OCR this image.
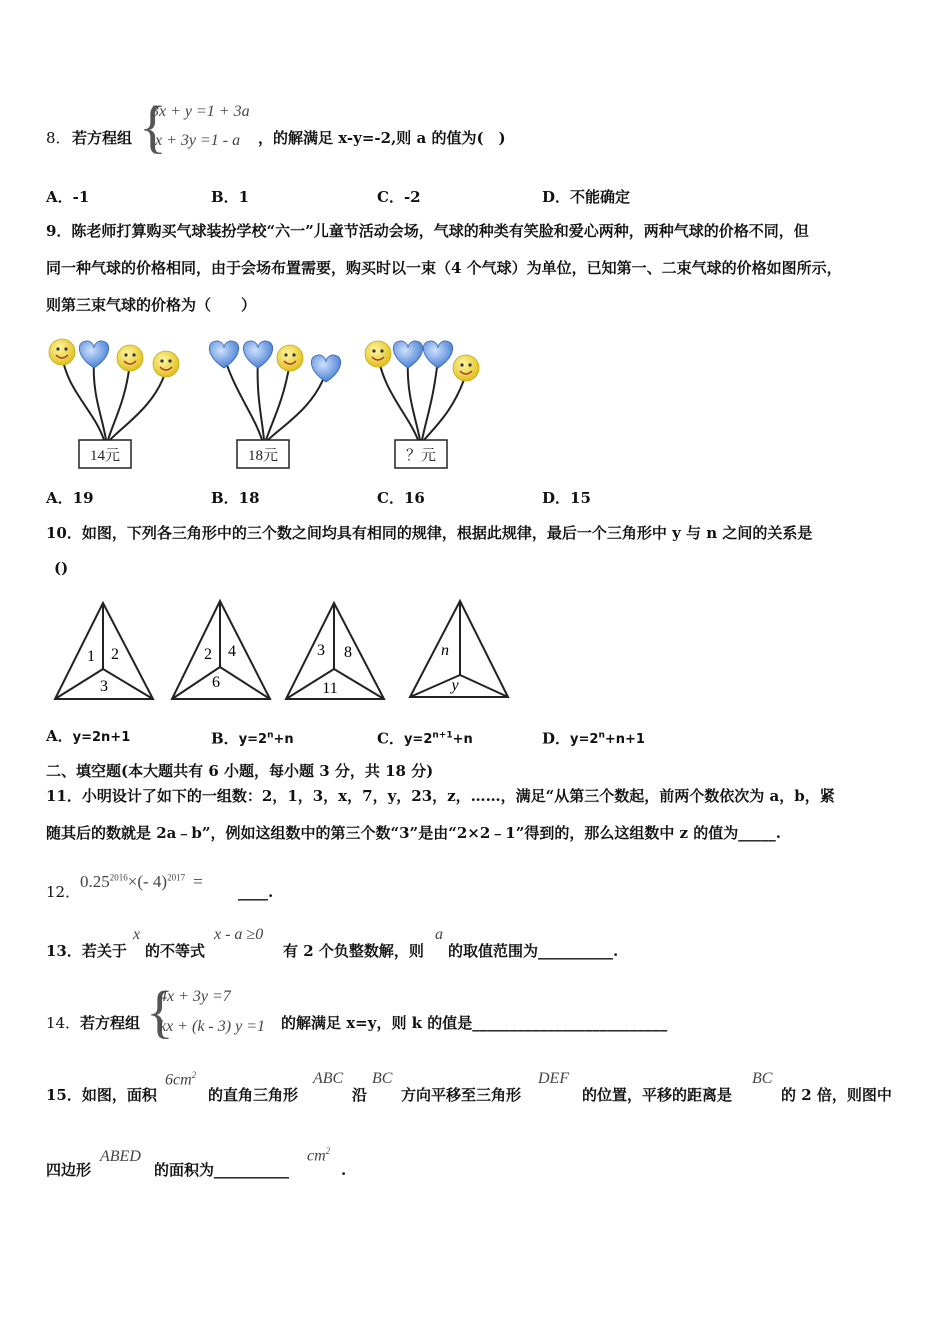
8． 若方程组 {
3x + y =1 + 3a
x + 3y =1 - a ，的解满足 x-y=-2,则 a 的值为(　)
A．-1	B．1	C．-2	D．不能确定
9．陈老师打算购买气球装扮学校“六一”儿童节活动会场，气球的种类有笑脸和爱心两种，两种气球的价格不同，但
同一种气球的价格相同，由于会场布置需要，购买时以一束（4 个气球）为单位，已知第一、二束气球的价格如图所示，
则第三束气球的价格为（　　）
14元	18元	？元
A．19	B．18	C．16	D．15
10．如图，下列各三角形中的三个数之间均具有相同的规律，根据此规律，最后一个三角形中 y 与 n 之间的关系是
()
1 2
3
2 4
6
3 8
11
n
y
A．y=2n+1	B．$y=2^n+n$	C．$y=2^{n+1}+n$	D．$y=2^n+n+1$
二、填空题(本大题共有 6 小题，每小题 3 分，共 18 分)
11．小明设计了如下的一组数：2，1，3，x，7，y，23，z，……，满足“从第三个数起，前两个数依次为 a，b，紧
随其后的数就是 2a﹣b”，例如这组数中的第三个数“3”是由“2×2﹣1”得到的，那么这组数中 z 的值为_____.
12．
$0.25^{2016}\times(-$ 4)$^{2017}$ =
____.
13．若关于
x
的不等式
x - a ≥0
有 2 个负整数解，则
a
的取值范围为__________.
14． 若方程组 {
4x + 3y =7
kx + (k - 3) y =1 的解满足 x=y，则 k 的值是__________________________
15．如图，面积
$6cm^2$
的直角三角形
ABC
沿
BC
方向平移至三角形
DEF
的位置，平移的距离是
BC
的 2 倍，则图中
四边形
ABED
的面积为__________
$cm^2$
.
